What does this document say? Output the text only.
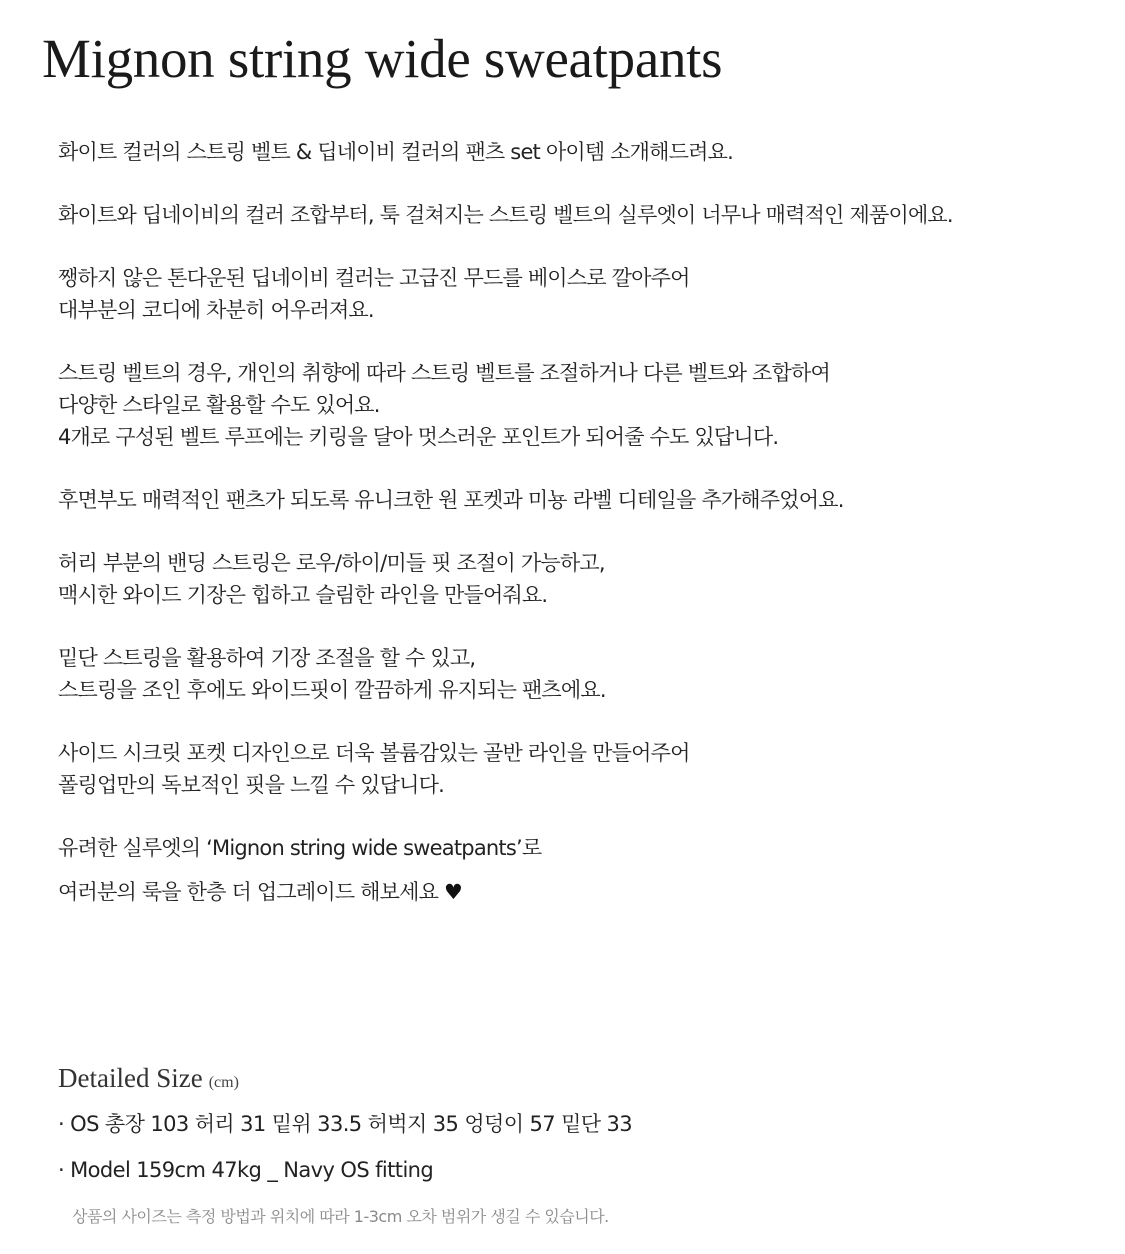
Mignon string wide sweatpants
화이트 컬러의 스트링 벨트 & 딥네이비 컬러의 팬츠 set 아이템 소개해드려요.
화이트와 딥네이비의 컬러 조합부터, 툭 걸쳐지는 스트링 벨트의 실루엣이 너무나 매력적인 제품이에요.
쨍하지 않은 톤다운된 딥네이비 컬러는 고급진 무드를 베이스로 깔아주어
대부분의 코디에 차분히 어우러져요.
스트링 벨트의 경우, 개인의 취향에 따라 스트링 벨트를 조절하거나 다른 벨트와 조합하여
다양한 스타일로 활용할 수도 있어요.
4개로 구성된 벨트 루프에는 키링을 달아 멋스러운 포인트가 되어줄 수도 있답니다.
후면부도 매력적인 팬츠가 되도록 유니크한 원 포켓과 미뇽 라벨 디테일을 추가해주었어요.
허리 부분의 밴딩 스트링은 로우/하이/미들 핏 조절이 가능하고,
맥시한 와이드 기장은 힙하고 슬림한 라인을 만들어줘요.
밑단 스트링을 활용하여 기장 조절을 할 수 있고,
스트링을 조인 후에도 와이드핏이 깔끔하게 유지되는 팬츠에요.
사이드 시크릿 포켓 디자인으로 더욱 볼륨감있는 골반 라인을 만들어주어
폴링업만의 독보적인 핏을 느낄 수 있답니다.
유려한 실루엣의 ‘Mignon string wide sweatpants’로
여러분의 룩을 한층 더 업그레이드 해보세요 ♥
Detailed Size (cm)
· OS 총장 103 허리 31 밑위 33.5 허벅지 35 엉덩이 57 밑단 33
· Model 159cm 47kg _ Navy OS fitting
상품의 사이즈는 측정 방법과 위치에 따라 1-3cm 오차 범위가 생길 수 있습니다.
